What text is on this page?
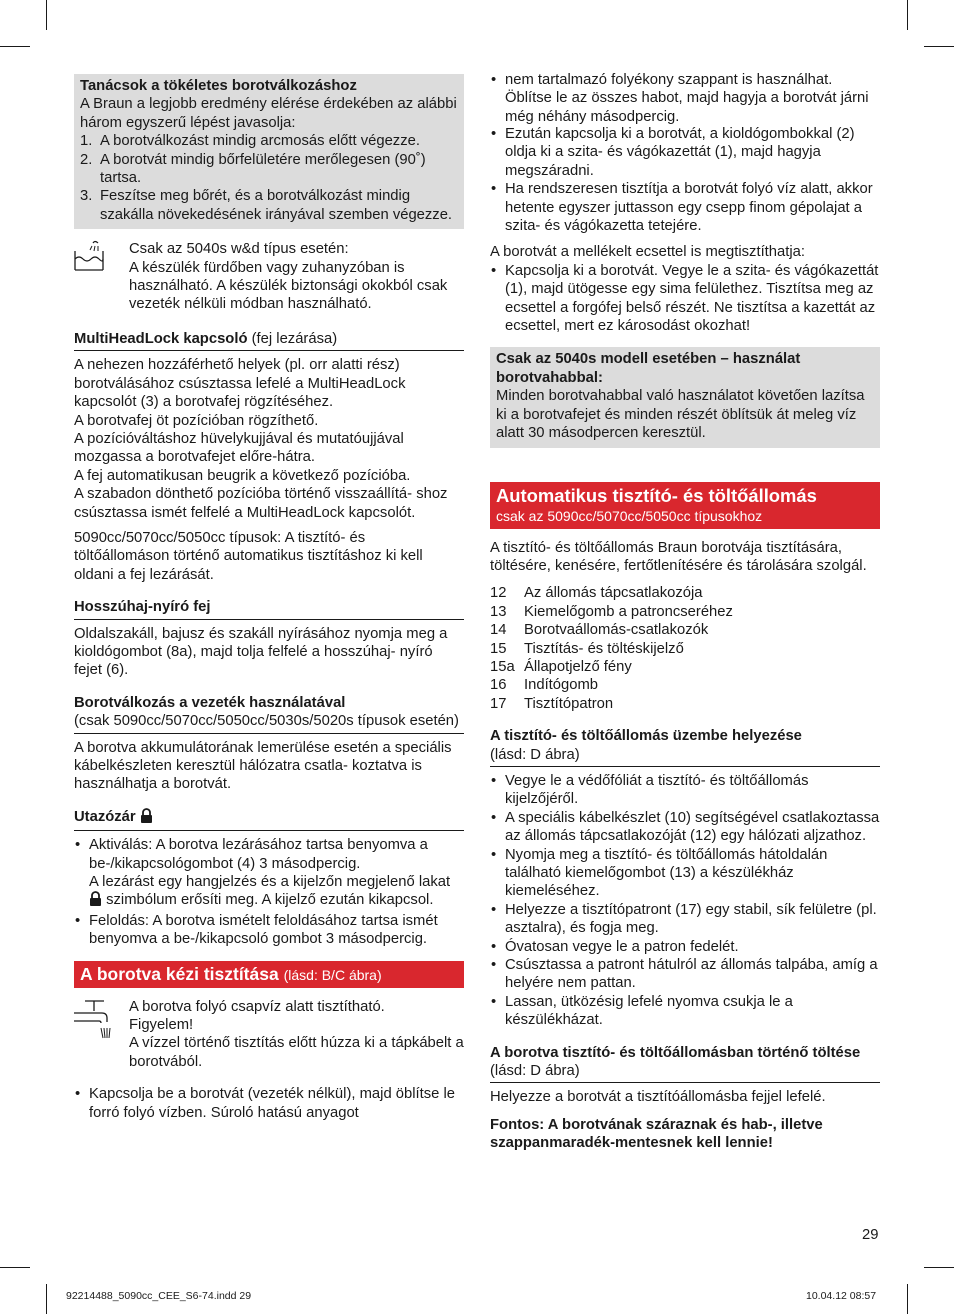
Tanácsok a tökéletes borotválkozáshoz

A Braun a legjobb eredmény elérése érdekében az alábbi három egyszerű lépést javasolja:

1. A borotválkozást mindig arcmosás előtt végezze.
2. A borotvát mindig bőrfelületére merőlegesen (90˚) tartsa.
3. Feszítse meg bőrét, és a borotválkozást mindig szakálla növekedésének irányával szemben végezze.

Csak az 5040s w&d típus esetén:

A készülék fürdőben vagy zuhanyzóban is használható. A készülék biztonsági okokból csak vezeték nélküli módban használható.

MultiHeadLock kapcsoló (fej lezárása)

A nehezen hozzáférhető helyek (pl. orr alatti rész) borotválásához csúsztassa lefelé a MultiHeadLock kapcsolót (3) a borotvafej rögzítéséhez.

A borotvafej öt pozícióban rögzíthető.

A pozícióváltáshoz hüvelykujjával és mutatóujjával mozgassa a borotvafejet előre-hátra.

A fej automatikusan beugrik a következő pozícióba.

A szabadon dönthető pozícióba történő visszaállítá- shoz csúsztassa ismét felfelé a MultiHeadLock kapcsolót.

5090cc/5070cc/5050cc típusok: A tisztító- és töltőállomáson történő automatikus tisztításhoz ki kell oldani a fej lezárását.

Hosszúhaj-nyíró fej

Oldalszakáll, bajusz és szakáll nyírásához nyomja meg a kioldógombot (8a), majd tolja felfelé a hosszúhaj- nyíró fejet (6).

Borotválkozás a vezeték használatával

(csak 5090cc/5070cc/5050cc/5030s/5020s típusok esetén)

A borotva akkumulátorának lemerülése esetén a speciális kábelkészleten keresztül hálózatra csatla- koztatva is használhatja a borotvát.

Utazózár

• Aktiválás: A borotva lezárásához tartsa benyomva a be-/kikapcsológombot (4) 3 másodpercig.
A lezárást egy hangjelzés és a kijelzőn megjelenő lakat  szimbólum erősíti meg. A kijelző ezután kikapcsol.
• Feloldás: A borotva ismételt feloldásához tartsa ismét benyomva a be-/kikapcsoló gombot 3 másodpercig.
A borotva kézi tisztítása (lásd: B/C ábra)

A borotva folyó csapvíz alatt tisztítható.

Figyelem!

A vízzel történő tisztítás előtt húzza ki a tápkábelt a borotvából.

• Kapcsolja be a borotvát (vezeték nélkül), majd öblítse le forró folyó vízben. Súroló hatású anyagot
• nem tartalmazó folyékony szappant is használhat. Öblítse le az összes habot, majd hagyja a borotvát járni még néhány másodpercig.
• Ezután kapcsolja ki a borotvát, a kioldógombokkal (2) oldja ki a szita- és vágókazettát (1), majd hagyja megszáradni.
• Ha rendszeresen tisztítja a borotvát folyó víz alatt, akkor hetente egyszer juttasson egy csepp finom gépolajat a szita- és vágókazetta tetejére.

A borotvát a mellékelt ecsettel is megtisztíthatja:

• Kapcsolja ki a borotvát. Vegye le a szita- és vágókazettát (1), majd ütögesse egy sima felülethez. Tisztítsa meg az ecsettel a forgófej belső részét. Ne tisztítsa a kazettát az ecsettel, mert ez károsodást okozhat!

Csak az 5040s modell esetében – használat borotvahabbal:

Minden borotvahabbal való használatot követően lazítsa ki a borotvafejet és minden részét öblítsük át meleg víz alatt 30 másodpercen keresztül.

Automatikus tisztító- és töltőállomás
csak az 5090cc/5070cc/5050cc típusokhoz

A tisztító- és töltőállomás Braun borotvája tisztítására, töltésére, kenésére, fertőtlenítésére és tárolására szolgál.

12	Az állomás tápcsatlakozója
13	Kiemelőgomb a patroncseréhez
14	Borotvaállomás-csatlakozók
15	Tisztítás- és töltéskijelző
15a	Állapotjelző fény
16	Indítógomb
17	Tisztítópatron

A tisztító- és töltőállomás üzembe helyezése

(lásd: D ábra)

• Vegye le a védőfóliát a tisztító- és töltőállomás kijelzőjéről.
• A speciális kábelkészlet (10) segítségével csatlakoztassa az állomás tápcsatlakozóját (12) egy hálózati aljzathoz.
• Nyomja meg a tisztító- és töltőállomás hátoldalán található kiemelőgombot (13) a készülékház kiemeléséhez.
• Helyezze a tisztítópatront (17) egy stabil, sík felületre (pl. asztalra), és fogja meg.
• Óvatosan vegye le a patron fedelét.
• Csúsztassa a patront hátulról az állomás talpába, amíg a helyére nem pattan.
• Lassan, ütközésig lefelé nyomva csukja le a készülékházat.

A borotva tisztító- és töltőállomásban történő töltése (lásd: D ábra)

Helyezze a borotvát a tisztítóállomásba fejjel lefelé.

Fontos: A borotvának száraznak és hab-, illetve szappanmaradék-mentesnek kell lennie!

29
92214488_5090cc_CEE_S6-74.indd 29	10.04.12 08:57
